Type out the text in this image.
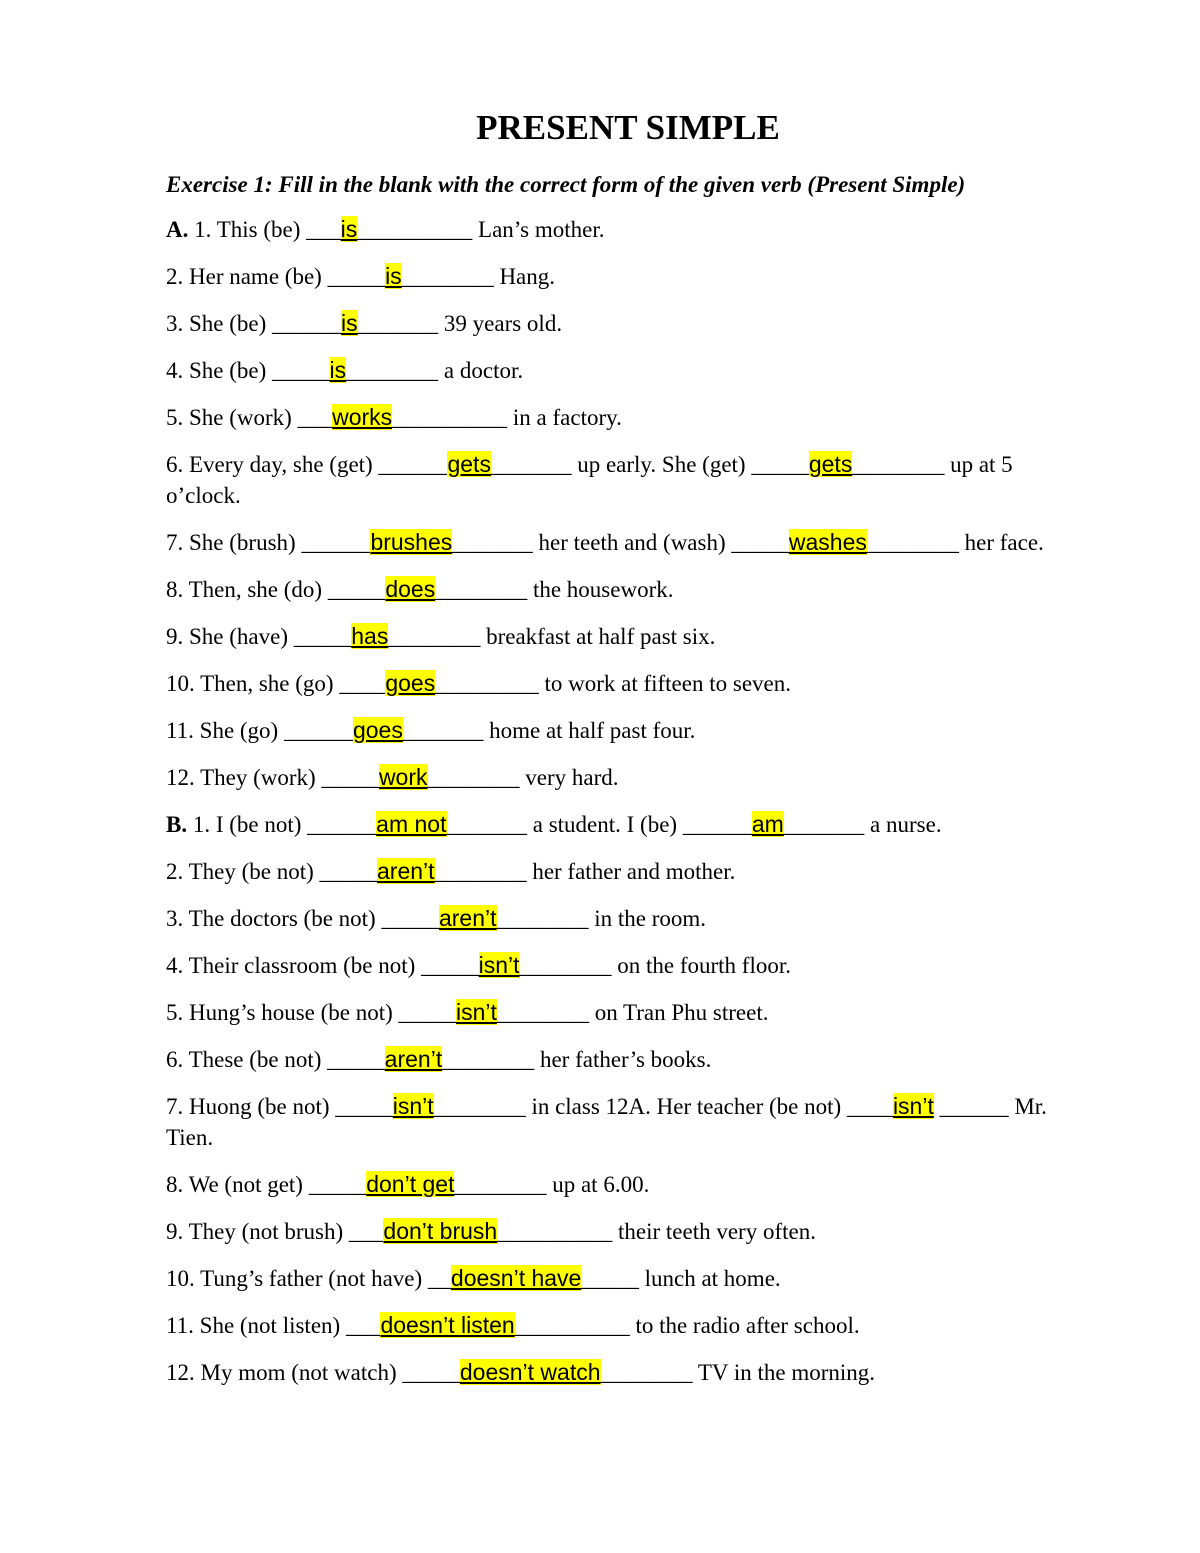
PRESENT SIMPLE

Exercise 1: Fill in the blank with the correct form of the given verb (Present Simple)

A. 1. This (be) ___is__________ Lan’s mother.

2. Her name (be) _____is________ Hang.

3. She (be) ______is_______ 39 years old.

4. She (be) _____is________ a doctor.

5. She (work) ___works__________ in a factory.

6. Every day, she (get) ______gets_______ up early. She (get) _____gets________ up at 5 o’clock.

7. She (brush) ______brushes_______ her teeth and (wash) _____washes________ her face.

8. Then, she (do) _____does________ the housework.

9. She (have) _____has________ breakfast at half past six.

10. Then, she (go) ____goes_________ to work at fifteen to seven.

11. She (go) ______goes_______ home at half past four.

12. They (work) _____work________ very hard.

B. 1. I (be not) ______am not_______ a student. I (be) ______am_______ a nurse.

2. They (be not) _____aren’t________ her father and mother.

3. The doctors (be not) _____aren’t________ in the room.

4. Their classroom (be not) _____isn’t________ on the fourth floor.

5. Hung’s house (be not) _____isn’t________ on Tran Phu street.

6. These (be not) _____aren’t________ her father’s books.

7. Huong (be not) _____isn’t________ in class 12A. Her teacher (be not) ____isn’t ______ Mr. Tien.

8. We (not get) _____don’t get________ up at 6.00.

9. They (not brush) ___don’t brush__________ their teeth very often.

10. Tung’s father (not have) __doesn’t have_____ lunch at home.

11. She (not listen) ___doesn’t listen__________ to the radio after school.

12. My mom (not watch) _____doesn’t watch________ TV in the morning.
